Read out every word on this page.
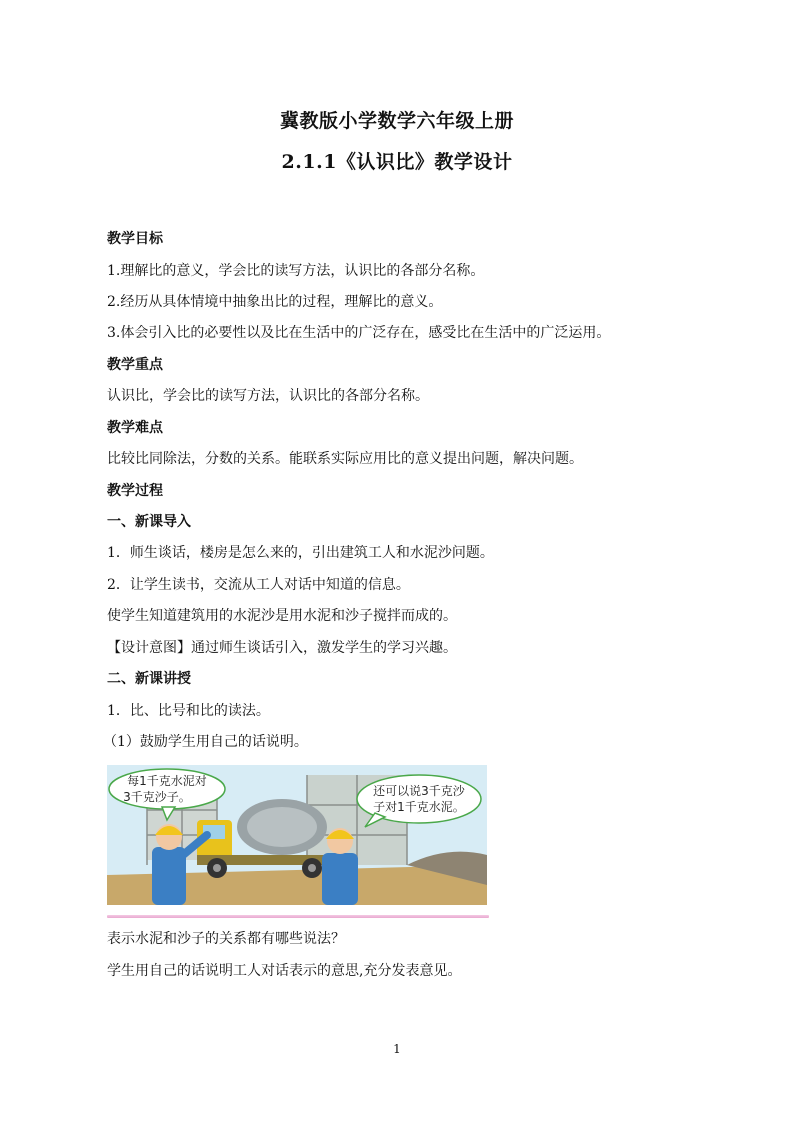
冀教版小学数学六年级上册
2.1.1《认识比》教学设计
教学目标
1.理解比的意义，学会比的读写方法，认识比的各部分名称。
2.经历从具体情境中抽象出比的过程，理解比的意义。
3.体会引入比的必要性以及比在生活中的广泛存在，感受比在生活中的广泛运用。
教学重点
认识比，学会比的读写方法，认识比的各部分名称。
教学难点
比较比同除法，分数的关系。能联系实际应用比的意义提出问题，解决问题。
教学过程
一、新课导入
1．师生谈话，楼房是怎么来的，引出建筑工人和水泥沙问题。
2．让学生读书，交流从工人对话中知道的信息。
使学生知道建筑用的水泥沙是用水泥和沙子搅拌而成的。
【设计意图】通过师生谈话引入，激发学生的学习兴趣。
二、新课讲授
1．比、比号和比的读法。
（1）鼓励学生用自己的话说明。
每1千克水泥对
3千克沙子。	还可以说3千克沙
子对1千克水泥。
表示水泥和沙子的关系都有哪些说法？
学生用自己的话说明工人对话表示的意思,充分发表意见。
1
